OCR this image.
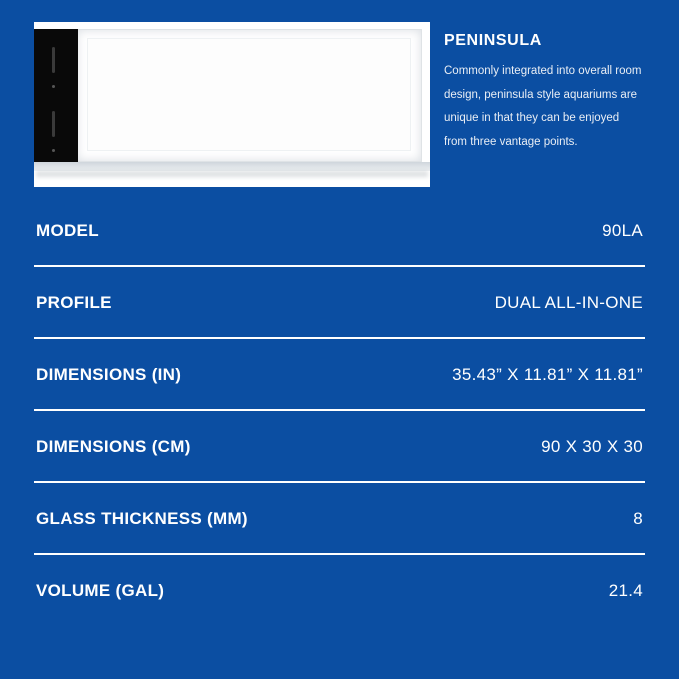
PENINSULA

Commonly integrated into overall room design, peninsula style aquariums are unique in that they can be enjoyed from three vantage points.

MODEL	90LA
PROFILE	DUAL ALL-IN-ONE
DIMENSIONS (IN)	35.43” X 11.81” X 11.81”
DIMENSIONS (CM)	90 X 30 X 30
GLASS THICKNESS (MM)	8
VOLUME (GAL)	21.4
